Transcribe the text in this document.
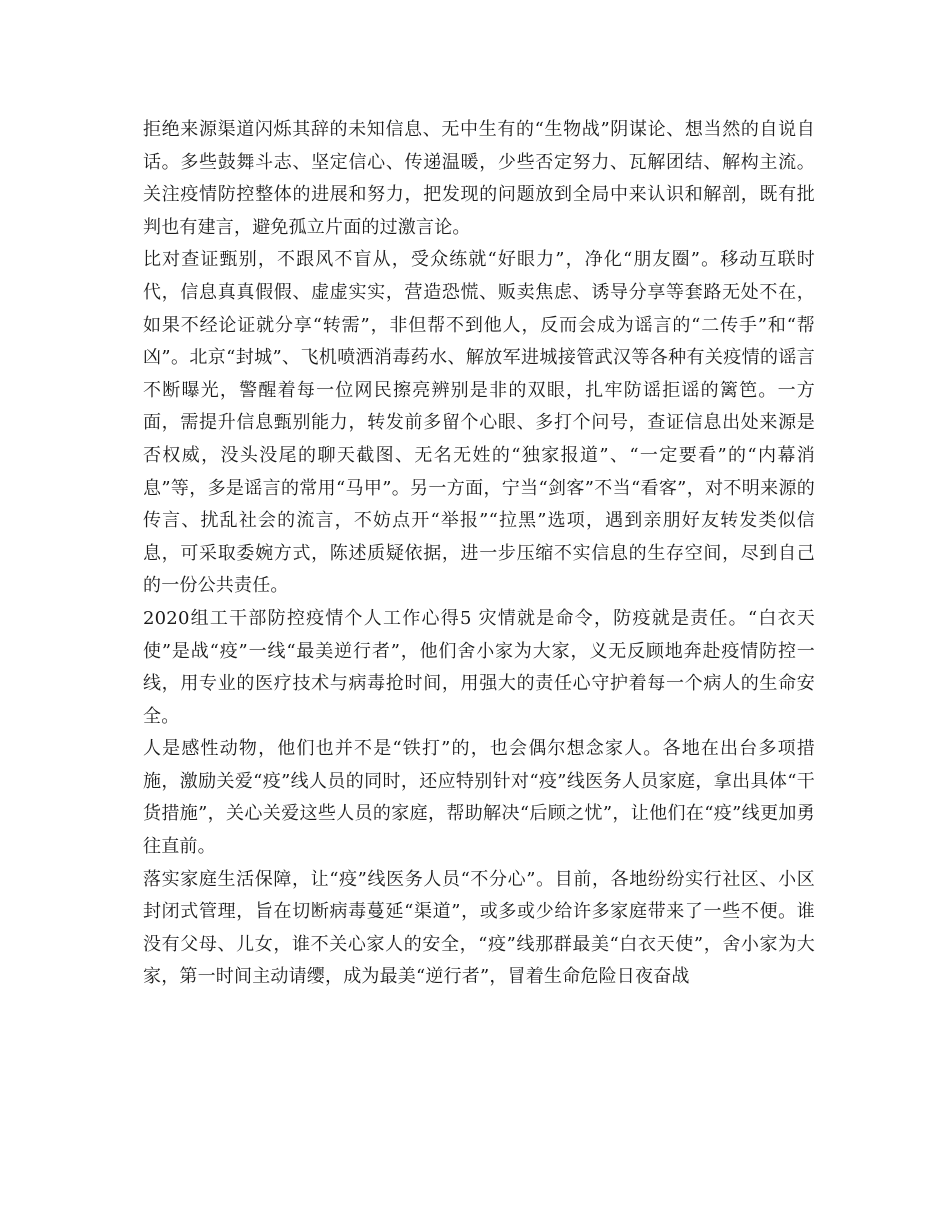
拒绝来源渠道闪烁其辞的未知信息、无中生有的“生物战”阴谋论、想当然的自说自话。多些鼓舞斗志、坚定信心、传递温暖，少些否定努力、瓦解团结、解构主流。关注疫情防控整体的进展和努力，把发现的问题放到全局中来认识和解剖，既有批判也有建言，避免孤立片面的过激言论。

比对查证甄别，不跟风不盲从，受众练就“好眼力”，净化“朋友圈”。移动互联时代，信息真真假假、虚虚实实，营造恐慌、贩卖焦虑、诱导分享等套路无处不在，如果不经论证就分享“转需”，非但帮不到他人，反而会成为谣言的“二传手”和“帮凶”。北京“封城”、飞机喷洒消毒药水、解放军进城接管武汉等各种有关疫情的谣言不断曝光，警醒着每一位网民擦亮辨别是非的双眼，扎牢防谣拒谣的篱笆。一方面，需提升信息甄别能力，转发前多留个心眼、多打个问号，查证信息出处来源是否权威，没头没尾的聊天截图、无名无姓的“独家报道”、“一定要看”的“内幕消息”等，多是谣言的常用“马甲”。另一方面，宁当“剑客”不当“看客”，对不明来源的传言、扰乱社会的流言，不妨点开“举报”“拉黑”选项，遇到亲朋好友转发类似信息，可采取委婉方式，陈述质疑依据，进一步压缩不实信息的生存空间，尽到自己的一份公共责任。

2020组工干部防控疫情个人工作心得5 灾情就是命令，防疫就是责任。“白衣天使”是战“疫”一线“最美逆行者”，他们舍小家为大家，义无反顾地奔赴疫情防控一线，用专业的医疗技术与病毒抢时间，用强大的责任心守护着每一个病人的生命安全。

人是感性动物，他们也并不是“铁打”的，也会偶尔想念家人。各地在出台多项措施，激励关爱“疫”线人员的同时，还应特别针对“疫”线医务人员家庭，拿出具体“干货措施”，关心关爱这些人员的家庭，帮助解决“后顾之忧”，让他们在“疫”线更加勇往直前。

落实家庭生活保障，让“疫”线医务人员“不分心”。目前，各地纷纷实行社区、小区封闭式管理，旨在切断病毒蔓延“渠道”，或多或少给许多家庭带来了一些不便。谁没有父母、儿女，谁不关心家人的安全，“疫”线那群最美“白衣天使”，舍小家为大家，第一时间主动请缨，成为最美“逆行者”，冒着生命危险日夜奋战
